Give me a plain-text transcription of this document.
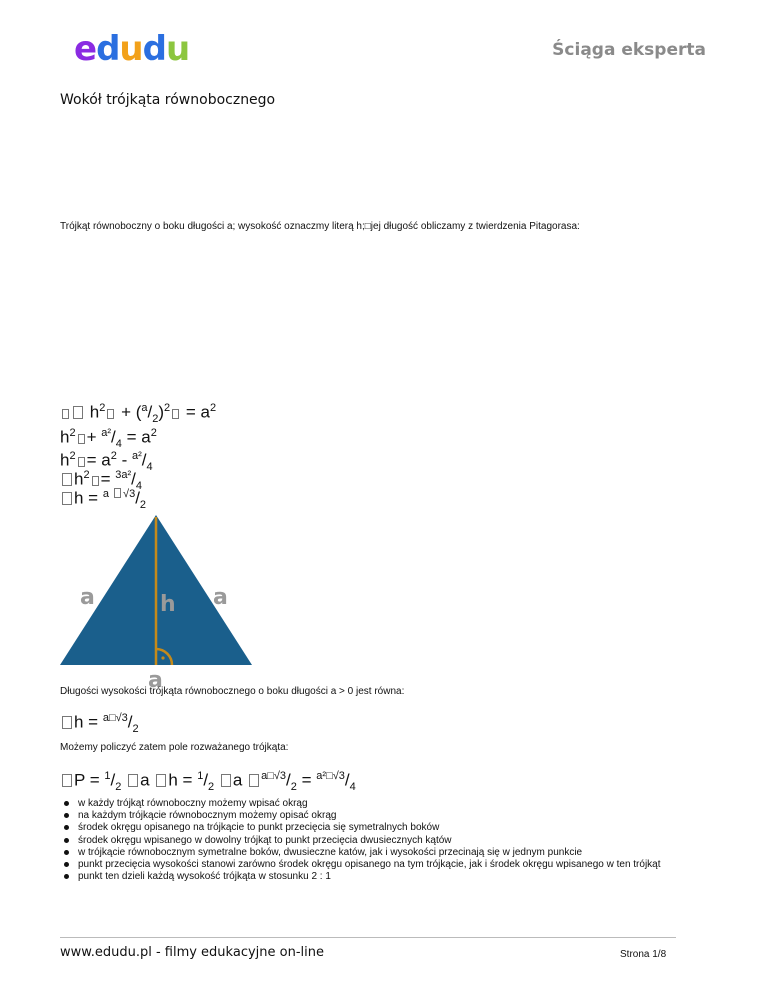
edudu	Ściąga eksperta
Wokół trójkąta równobocznego
Trójkąt równoboczny o boku długości a; wysokość oznaczmy literą h;□jej długość obliczamy z twierdzenia Pitagorasa:
$h^2 + (^a/_2)^2 = a^2$
$h^2 + ^{a^2}/_4 = a^2$
$h^2 = a^2 - ^{a^2}/_4$
$h^2 = ^{3a^2}/_4$
$h = ^{a √3}/_2$
a	h a
a
Długości wysokości trójkąta równobocznego o boku długości a > 0 jest równa:
$h = ^{a□√3}/_2$
Możemy policzyć zatem pole rozważanego trójkąta:
$P = ^1/_2$ a $h = ^1/_2$ a $^{a□√3}/_2 = ^{a^2□√3}/_4$
w każdy trójkąt równoboczny możemy wpisać okrąg
na każdym trójkącie równobocznym możemy opisać okrąg
środek okręgu opisanego na trójkącie to punkt przecięcia się symetralnych boków
środek okręgu wpisanego w dowolny trójkąt to punkt przecięcia dwusiecznych kątów
w trójkącie równobocznym symetralne boków, dwusieczne katów, jak i wysokości przecinają się w jednym punkcie
punkt przecięcia wysokości stanowi zarówno środek okręgu opisanego na tym trójkącie, jak i środek okręgu wpisanego w ten trójkąt
punkt ten dzieli każdą wysokość trójkąta w stosunku 2 : 1
www.edudu.pl - filmy edukacyjne on-line	Strona 1/8
